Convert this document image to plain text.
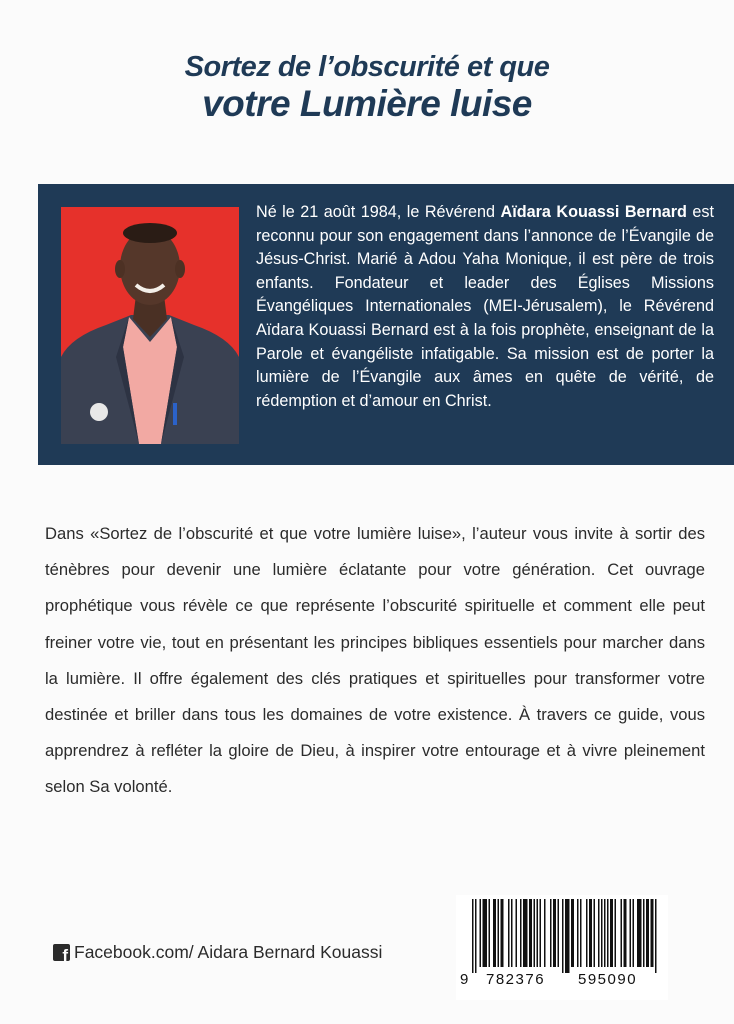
Sortez de l’obscurité et que
votre Lumière luise
Né le 21 août 1984, le Révérend Aïdara Kouassi Bernard est reconnu pour son engagement dans l’annonce de l’Évangile de Jésus-Christ. Marié à Adou Yaha Monique, il est père de trois enfants. Fondateur et leader des Églises Missions Évangéliques Internationales (MEI-Jérusalem), le Révérend Aïdara Kouassi Bernard est à la fois prophète, enseignant de la Parole et évangéliste infatigable. Sa mission est de porter la lumière de l’Évangile aux âmes en quête de vérité, de rédemption et d’amour en Christ.
Dans «Sortez de l’obscurité et que votre lumière luise», l’auteur vous invite à sortir des ténèbres pour devenir une lumière éclatante pour votre génération. Cet ouvrage prophétique vous révèle ce que représente l’obscurité spirituelle et comment elle peut freiner votre vie, tout en présentant les principes bibliques essentiels pour marcher dans la lumière. Il offre également des clés pratiques et spirituelles pour transformer votre destinée et briller dans tous les domaines de votre existence. À travers ce guide, vous apprendrez à refléter la gloire de Dieu, à inspirer votre entourage et à vivre pleinement selon Sa volonté.
f Facebook.com/ Aidara Bernard Kouassi
9 782376 595090
